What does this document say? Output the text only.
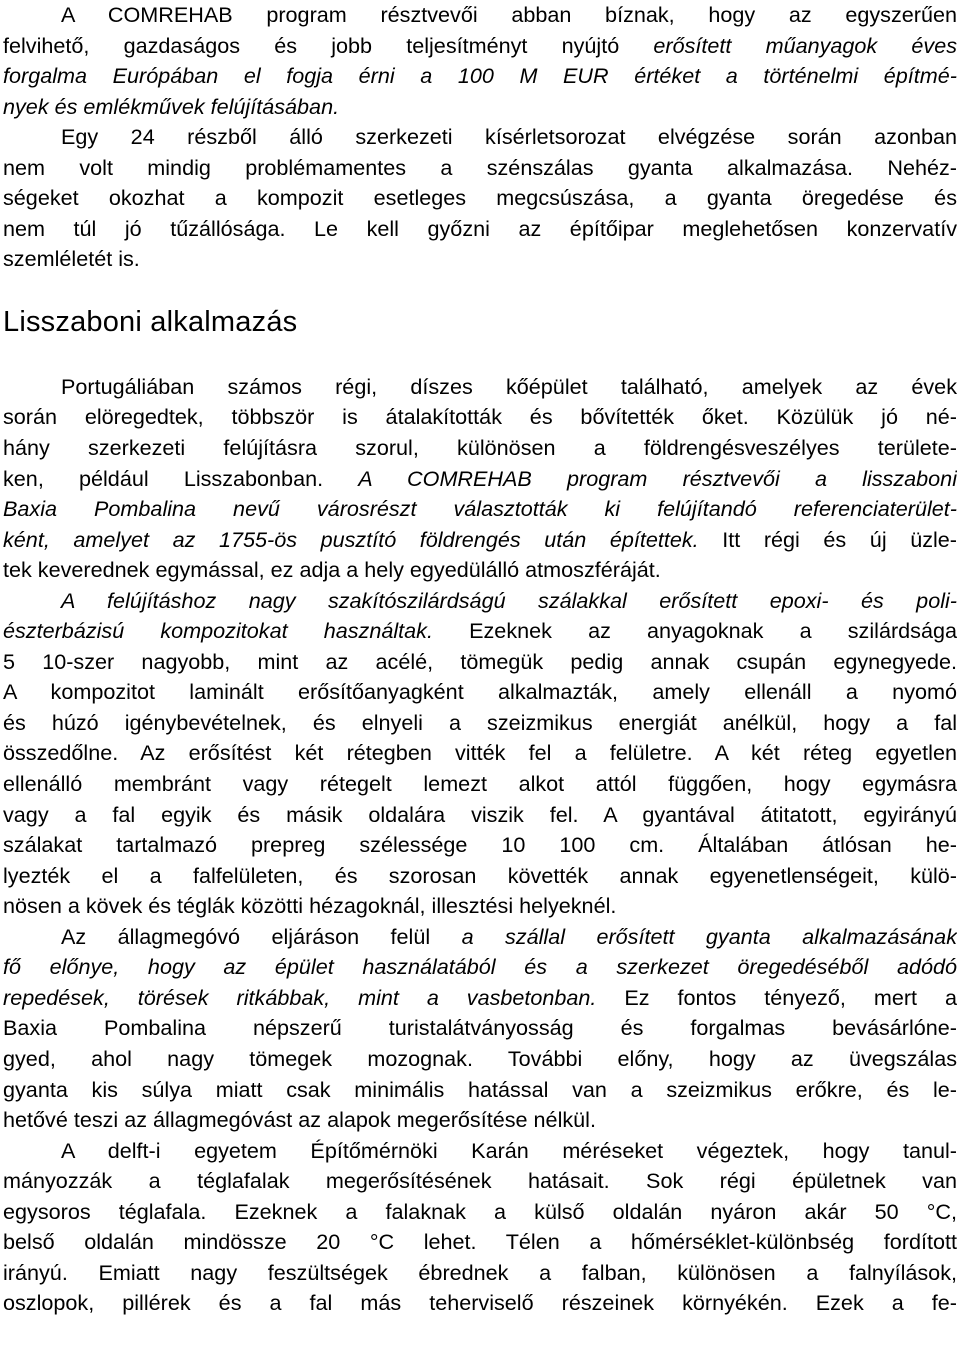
A COMREHAB program résztvevői abban bíznak, hogy az egyszerűen
felvihető, gazdaságos és jobb teljesítményt nyújtó erősített műanyagok éves
forgalma Európában el fogja érni a 100 M EUR értéket a történelmi építmé-
nyek és emlékművek felújításában.
Egy 24 részből álló szerkezeti kísérletsorozat elvégzése során azonban
nem volt mindig problémamentes a szénszálas gyanta alkalmazása. Nehéz-
ségeket okozhat a kompozit esetleges megcsúszása, a gyanta öregedése és
nem túl jó tűzállósága. Le kell győzni az építőipar meglehetősen konzervatív
szemléletét is.
Lisszaboni alkalmazás
Portugáliában számos régi, díszes kőépület található, amelyek az évek
során elöregedtek, többször is átalakították és bővítették őket. Közülük jó né-
hány szerkezeti felújításra szorul, különösen a földrengésveszélyes területe-
ken, például Lisszabonban. A COMREHAB program résztvevői a lisszaboni
Baxia Pombalina nevű városrészt választották ki felújítandó referenciaterület-
ként, amelyet az 1755-ös pusztító földrengés után építettek. Itt régi és új üzle-
tek keverednek egymással, ez adja a hely egyedülálló atmoszféráját.
A felújításhoz nagy szakítószilárdságú szálakkal erősített epoxi- és poli-
észterbázisú kompozitokat használtak. Ezeknek az anyagoknak a szilárdsága
5 10-szer nagyobb, mint az acélé, tömegük pedig annak csupán egynegyede.
A kompozitot laminált erősítőanyagként alkalmazták, amely ellenáll a nyomó
és húzó igénybevételnek, és elnyeli a szeizmikus energiát anélkül, hogy a fal
összedőlne. Az erősítést két rétegben vitték fel a felületre. A két réteg egyetlen
ellenálló membránt vagy rétegelt lemezt alkot attól függően, hogy egymásra
vagy a fal egyik és másik oldalára viszik fel. A gyantával átitatott, egyirányú
szálakat tartalmazó prepreg szélessége 10 100 cm. Általában átlósan he-
lyezték el a falfelületen, és szorosan követték annak egyenetlenségeit, külö-
nösen a kövek és téglák közötti hézagoknál, illesztési helyeknél.
Az állagmegóvó eljáráson felül a szállal erősített gyanta alkalmazásának
fő előnye, hogy az épület használatából és a szerkezet öregedéséből adódó
repedések, törések ritkábbak, mint a vasbetonban. Ez fontos tényező, mert a
Baxia Pombalina népszerű turistalátványosság és forgalmas bevásárlóne-
gyed, ahol nagy tömegek mozognak. További előny, hogy az üvegszálas
gyanta kis súlya miatt csak minimális hatással van a szeizmikus erőkre, és le-
hetővé teszi az állagmegóvást az alapok megerősítése nélkül.
A delft-i egyetem Építőmérnöki Karán méréseket végeztek, hogy tanul-
mányozzák a téglafalak megerősítésének hatásait. Sok régi épületnek van
egysoros téglafala. Ezeknek a falaknak a külső oldalán nyáron akár 50 °C,
belső oldalán mindössze 20 °C lehet. Télen a hőmérséklet-különbség fordított
irányú. Emiatt nagy feszültségek ébrednek a falban, különösen a falnyílások,
oszlopok, pillérek és a fal más teherviselő részeinek környékén. Ezek a fe-
